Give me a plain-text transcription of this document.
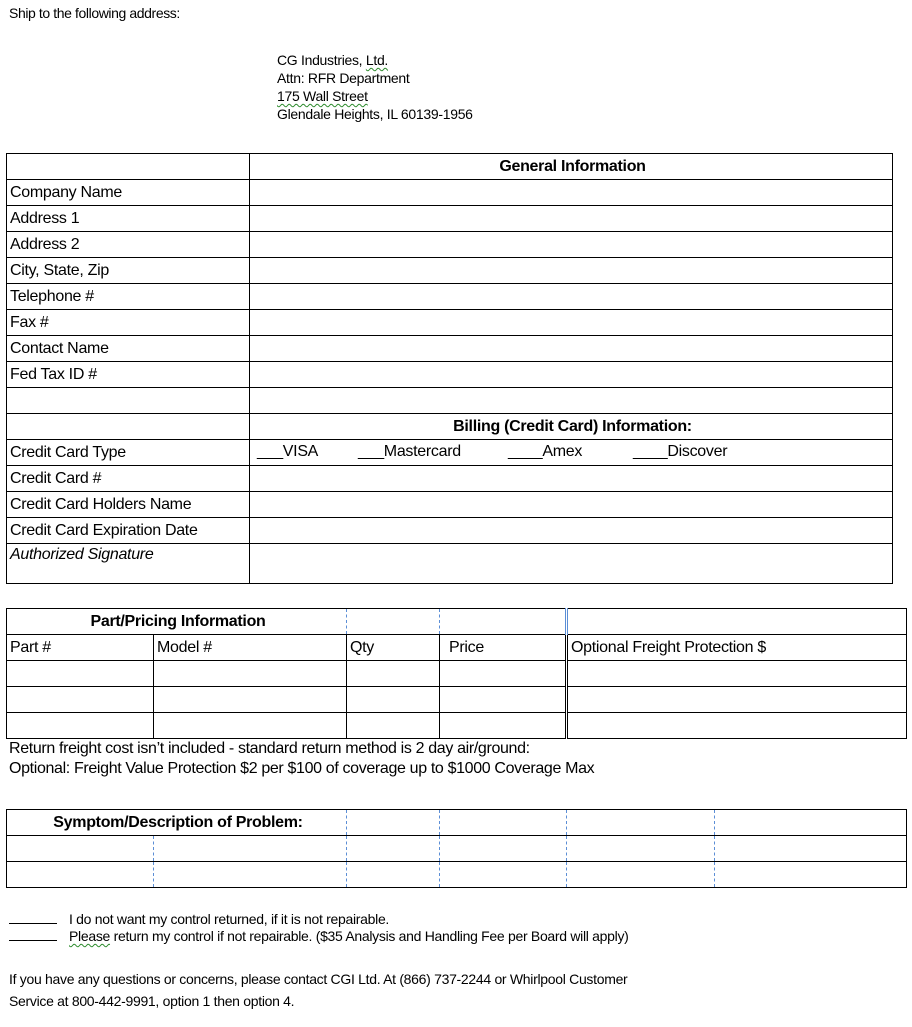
Ship to the following address:
CG Industries, Ltd.
Attn: RFR Department
175 Wall Street
Glendale Heights, IL 60139-1956
	General Information
Company Name	
Address 1	
Address 2	
City, State, Zip	
Telephone #	
Fax #	
Contact Name	
Fed Tax ID #	

	Billing (Credit Card) Information:
Credit Card Type	___VISA ___Mastercard ____Amex ____Discover

Credit Card #	
Credit Card Holders Name	
Credit Card Expiration Date	
Authorized Signature	
Part/Pricing Information				
Part #	Model #	Qty	Price	Optional Freight Protection $

Return freight cost isn’t included - standard return method is 2 day air/ground:
Optional: Freight Value Protection $2 per $100 of coverage up to $1000 Coverage Max
Symptom/Description of Problem:					

I do not want my control returned, if it is not repairable.
Please return my control if not repairable. ($35 Analysis and Handling Fee per Board will apply)
If you have any questions or concerns, please contact CGI Ltd. At (866) 737-2244 or Whirlpool Customer
Service at 800-442-9991, option 1 then option 4.
